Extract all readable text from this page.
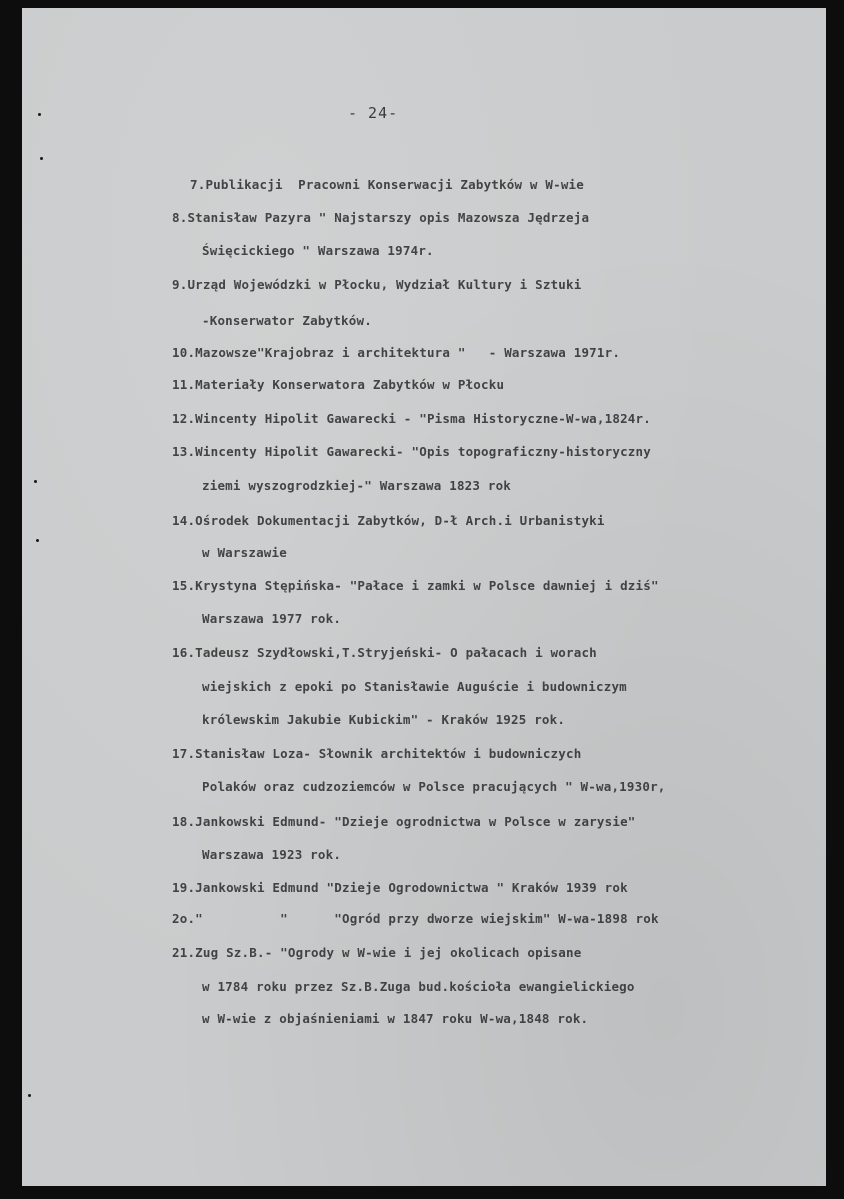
- 24-
7.Publikacji  Pracowni Konserwacji Zabytków w W-wie
8.Stanisław Pazyra " Najstarszy opis Mazowsza Jędrzeja
Święcickiego " Warszawa 1974r.
9.Urząd Wojewódzki w Płocku, Wydział Kultury i Sztuki
-Konserwator Zabytków.
10.Mazowsze"Krajobraz i architektura "   - Warszawa 1971r.
11.Materiały Konserwatora Zabytków w Płocku
12.Wincenty Hipolit Gawarecki - "Pisma Historyczne-W-wa,1824r.
13.Wincenty Hipolit Gawarecki- "Opis topograficzny-historyczny
ziemi wyszogrodzkiej-" Warszawa 1823 rok
14.Ośrodek Dokumentacji Zabytków, D-ł Arch.i Urbanistyki
w Warszawie
15.Krystyna Stępińska- "Pałace i zamki w Polsce dawniej i dziś"
Warszawa 1977 rok.
16.Tadeusz Szydłowski,T.Stryjeński- O pałacach i worach
wiejskich z epoki po Stanisławie Auguście i budowniczym
królewskim Jakubie Kubickim" - Kraków 1925 rok.
17.Stanisław Loza- Słownik architektów i budowniczych
Polaków oraz cudzoziemców w Polsce pracujących " W-wa,1930r,
18.Jankowski Edmund- "Dzieje ogrodnictwa w Polsce w zarysie"
Warszawa 1923 rok.
19.Jankowski Edmund "Dzieje Ogrodownictwa " Kraków 1939 rok
2o."          "      "Ogród przy dworze wiejskim" W-wa-1898 rok
21.Zug Sz.B.- "Ogrody w W-wie i jej okolicach opisane
w 1784 roku przez Sz.B.Zuga bud.kościoła ewangielickiego
w W-wie z objaśnieniami w 1847 roku W-wa,1848 rok.
